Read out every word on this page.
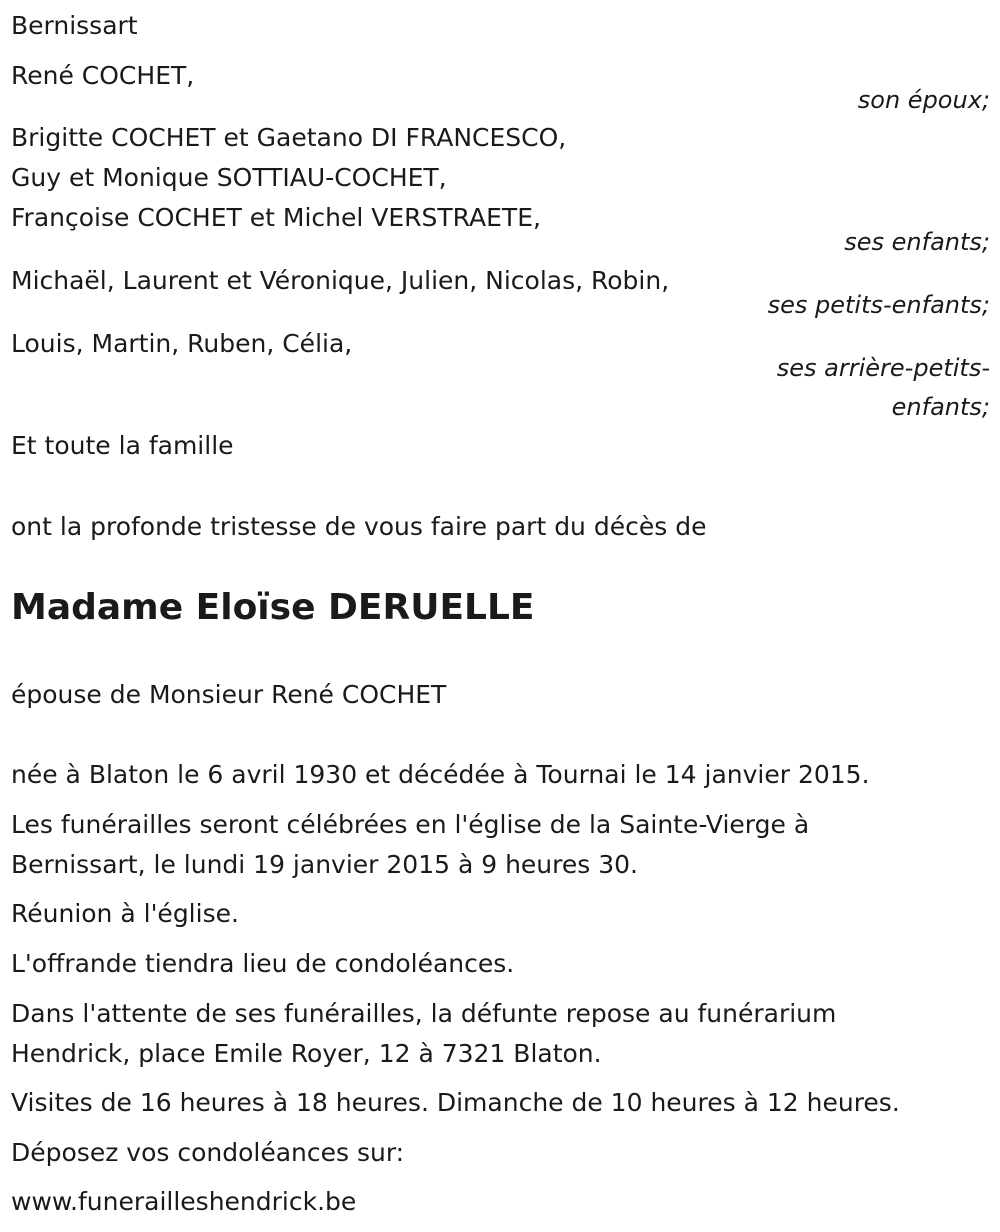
Bernissart

René COCHET,

son époux;

Brigitte COCHET et Gaetano DI FRANCESCO,

Guy et Monique SOTTIAU-COCHET,

Françoise COCHET et Michel VERSTRAETE,

ses enfants;

Michaël, Laurent et Véronique, Julien, Nicolas, Robin,

ses petits-enfants;

Louis, Martin, Ruben, Célia,

ses arrière-petits-

enfants;

Et toute la famille

ont la profonde tristesse de vous faire part du décès de

Madame Eloïse DERUELLE

épouse de Monsieur René COCHET

née à Blaton le 6 avril 1930 et décédée à Tournai le 14 janvier 2015.

Les funérailles seront célébrées en l'église de la Sainte-Vierge à

Bernissart, le lundi 19 janvier 2015 à 9 heures 30.

Réunion à l'église.

L'offrande tiendra lieu de condoléances.

Dans l'attente de ses funérailles, la défunte repose au funérarium

Hendrick, place Emile Royer, 12 à 7321 Blaton.

Visites de 16 heures à 18 heures. Dimanche de 10 heures à 12 heures.

Déposez vos condoléances sur:

www.funerailleshendrick.be
